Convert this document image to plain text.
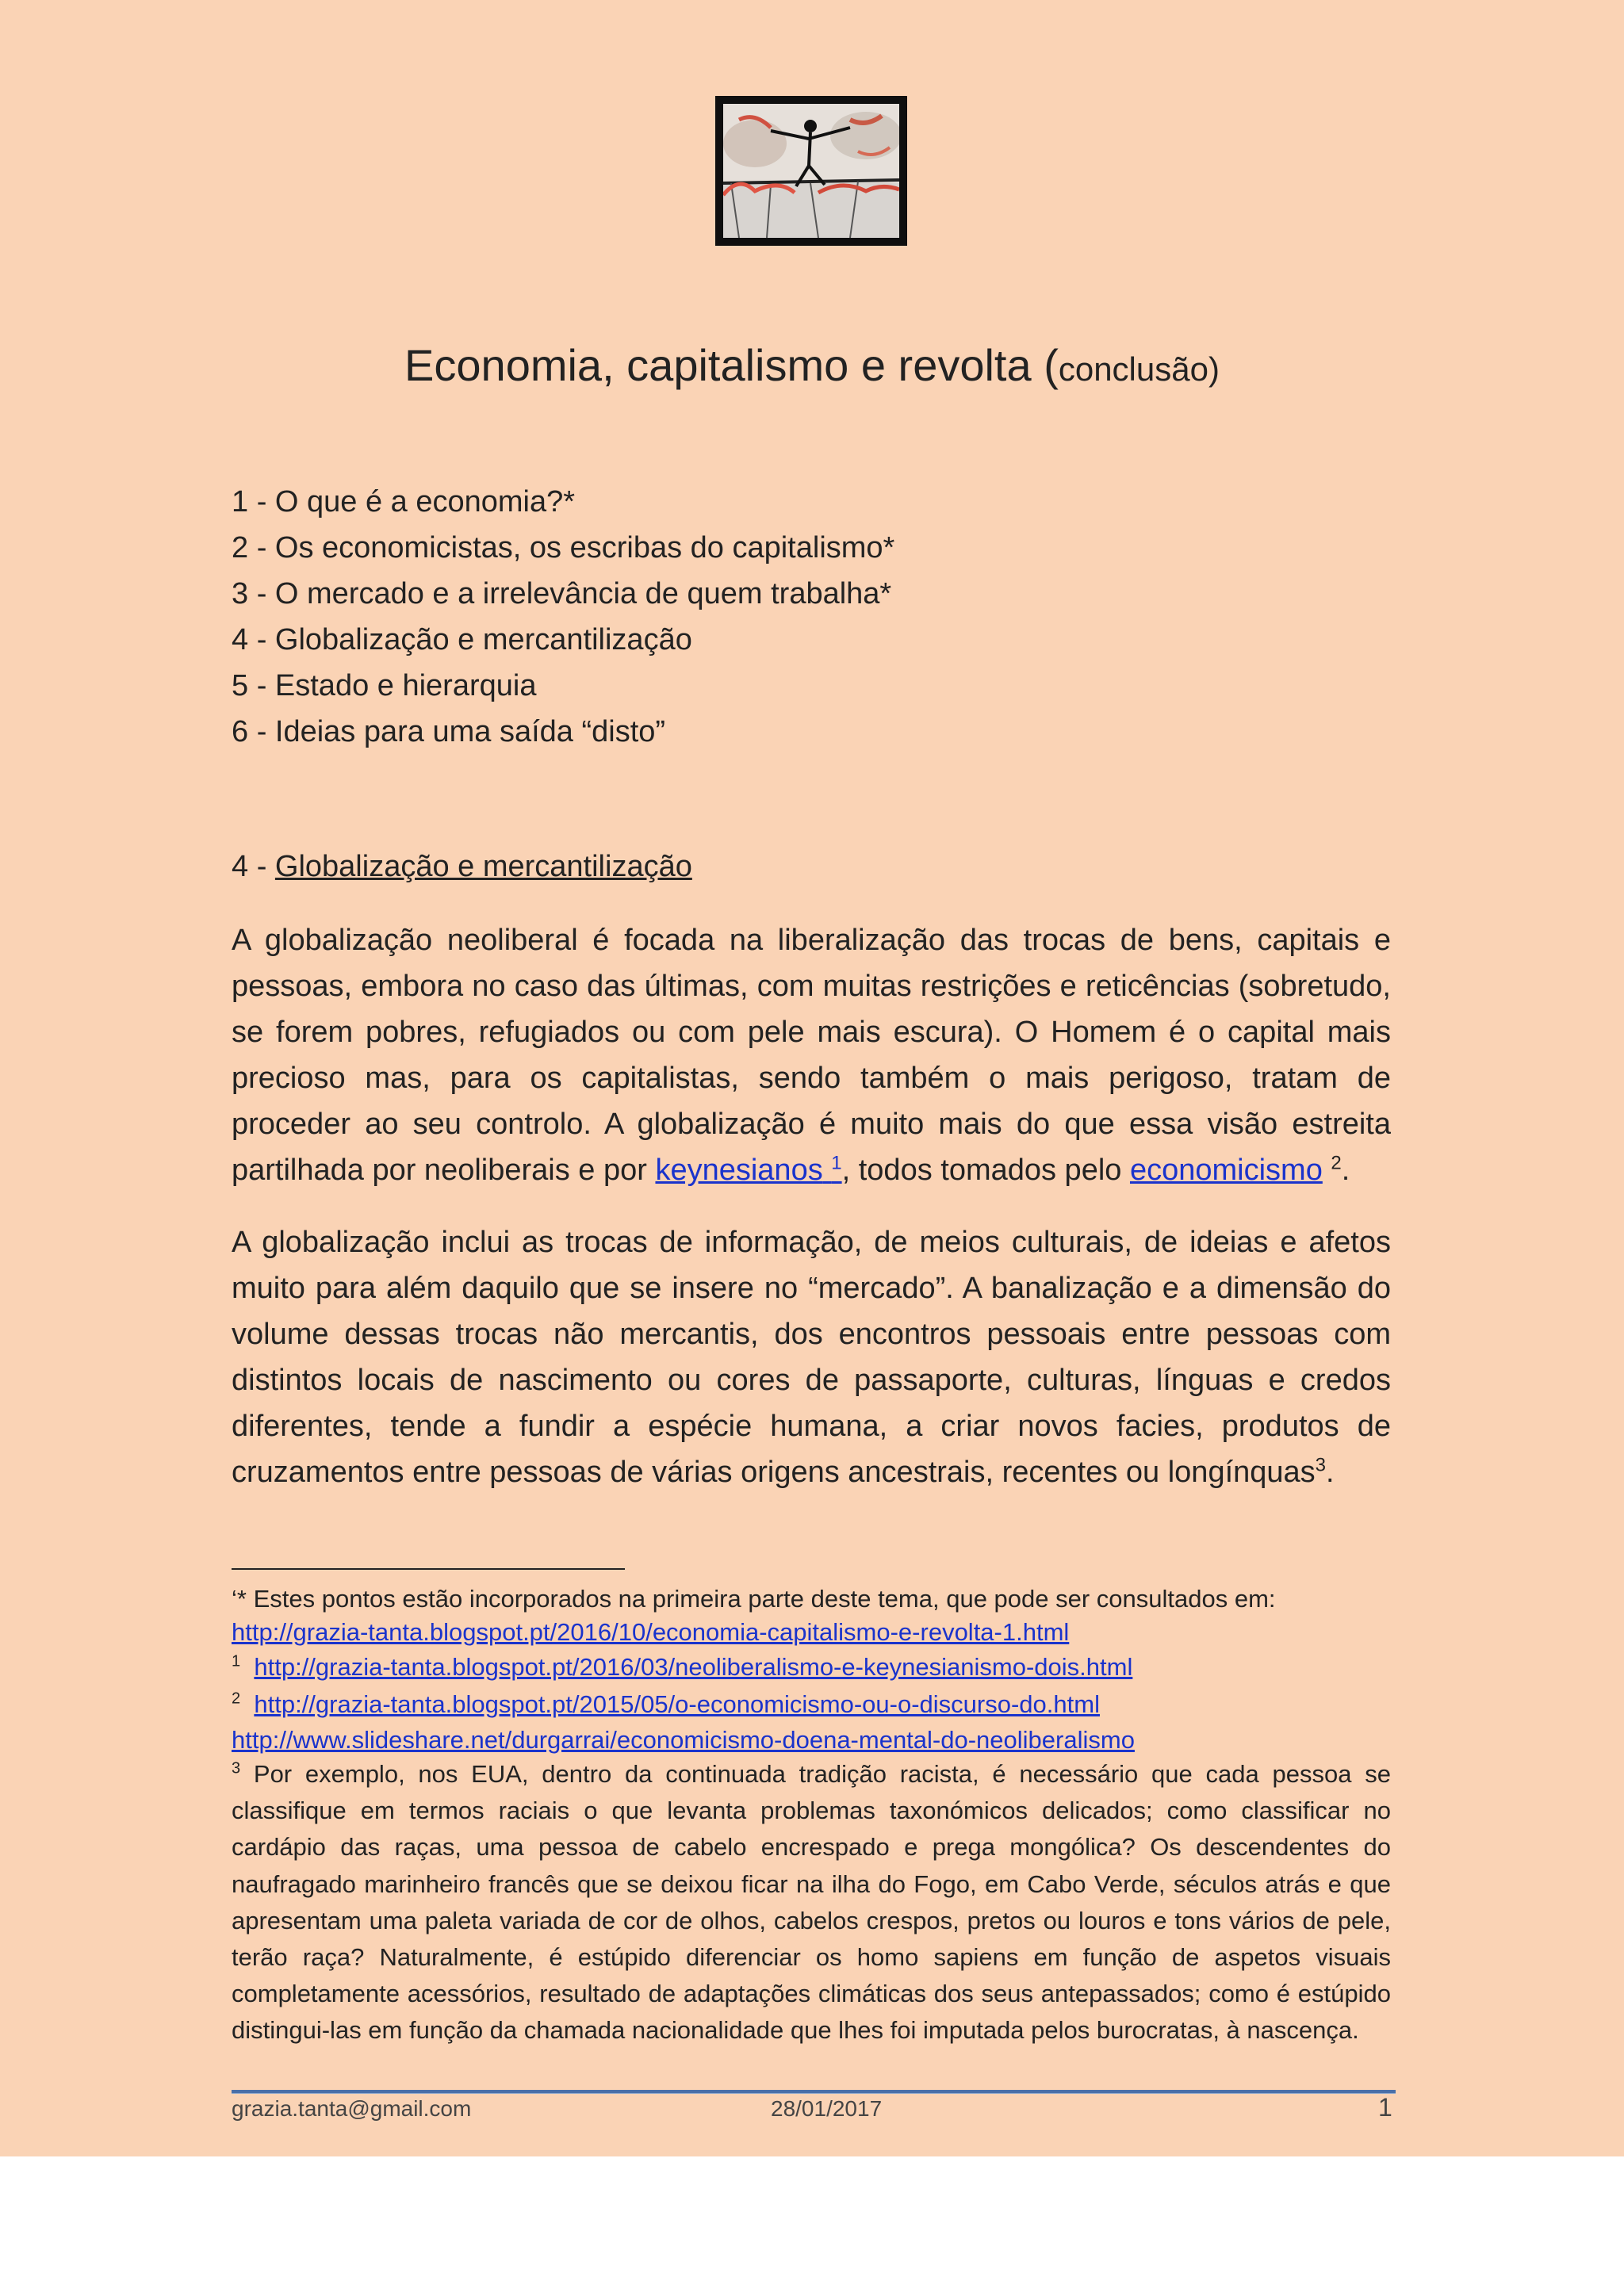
Economia, capitalismo e revolta (conclusão)
1 - O que é a economia?*
2 - Os economicistas, os escribas do capitalismo*
3 - O mercado e a irrelevância de quem trabalha*
4 - Globalização e mercantilização
5 - Estado e hierarquia
6 - Ideias para uma saída “disto”
4 - Globalização e mercantilização

A globalização neoliberal é focada na liberalização das trocas de bens, capitais e pessoas, embora no caso das últimas, com muitas restrições e reticências (sobretudo, se forem pobres, refugiados ou com pele mais escura). O Homem é o capital mais precioso mas, para os capitalistas, sendo também o mais perigoso, tratam de proceder ao seu controlo. A globalização é muito mais do que essa visão estreita partilhada por neoliberais e por keynesianos $^1$, todos tomados pelo economicismo $^2$.

A globalização inclui as trocas de informação, de meios culturais, de ideias e afetos muito para além daquilo que se insere no “mercado”. A banalização e a dimensão do volume dessas trocas não mercantis, dos encontros pessoais entre pessoas com distintos locais de nascimento ou cores de passaporte, culturas, línguas e credos diferentes, tende a fundir a espécie humana, a criar novos facies, produtos de cruzamentos entre pessoas de várias origens ancestrais, recentes ou longínquas$^3$.

‘* Estes pontos estão incorporados na primeira parte deste tema, que pode ser consultados em:

http://grazia-tanta.blogspot.pt/2016/10/economia-capitalismo-e-revolta-1.html

$^1$ http://grazia-tanta.blogspot.pt/2016/03/neoliberalismo-e-keynesianismo-dois.html

$^2$ http://grazia-tanta.blogspot.pt/2015/05/o-economicismo-ou-o-discurso-do.html

http://www.slideshare.net/durgarrai/economicismo-doena-mental-do-neoliberalismo

$^3$ Por exemplo, nos EUA, dentro da continuada tradição racista, é necessário que cada pessoa se classifique em termos raciais o que levanta problemas taxonómicos delicados; como classificar no cardápio das raças, uma pessoa de cabelo encrespado e prega mongólica? Os descendentes do naufragado marinheiro francês que se deixou ficar na ilha do Fogo, em Cabo Verde, séculos atrás e que apresentam uma paleta variada de cor de olhos, cabelos crespos, pretos ou louros e tons vários de pele, terão raça? Naturalmente, é estúpido diferenciar os homo sapiens em função de aspetos visuais completamente acessórios, resultado de adaptações climáticas dos seus antepassados; como é estúpido distingui-las em função da chamada nacionalidade que lhes foi imputada pelos burocratas, à nascença.

grazia.tanta@gmail.com	28/01/2017	1
